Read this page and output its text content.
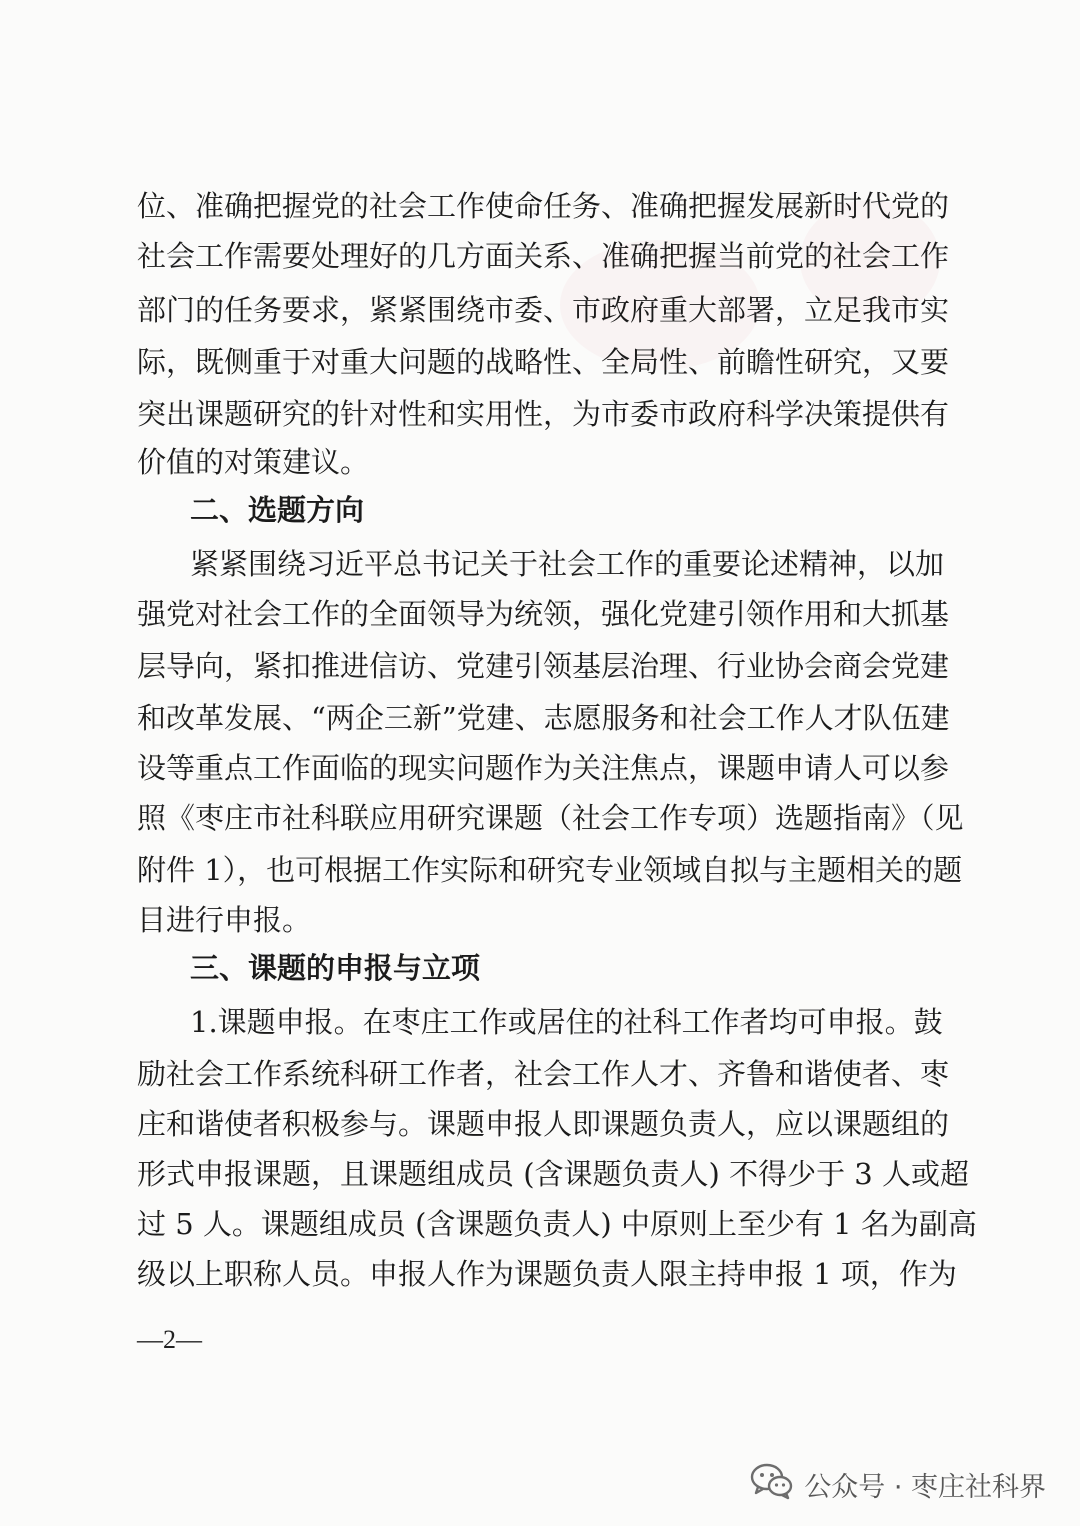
位、准确把握党的社会工作使命任务、准确把握发展新时代党的
社会工作需要处理好的几方面关系、准确把握当前党的社会工作
部门的任务要求，紧紧围绕市委、市政府重大部署，立足我市实
际，既侧重于对重大问题的战略性、全局性、前瞻性研究，又要
突出课题研究的针对性和实用性，为市委市政府科学决策提供有
价值的对策建议。
二、选题方向
紧紧围绕习近平总书记关于社会工作的重要论述精神，以加
强党对社会工作的全面领导为统领，强化党建引领作用和大抓基
层导向，紧扣推进信访、党建引领基层治理、行业协会商会党建
和改革发展、“两企三新”党建、志愿服务和社会工作人才队伍建
设等重点工作面临的现实问题作为关注焦点，课题申请人可以参
照《枣庄市社科联应用研究课题（社会工作专项）选题指南》（见
附件 1），也可根据工作实际和研究专业领域自拟与主题相关的题
目进行申报。
三、课题的申报与立项
1.课题申报。在枣庄工作或居住的社科工作者均可申报。鼓
励社会工作系统科研工作者，社会工作人才、齐鲁和谐使者、枣
庄和谐使者积极参与。课题申报人即课题负责人，应以课题组的
形式申报课题，且课题组成员 (含课题负责人) 不得少于 3 人或超
过 5 人。课题组成员 (含课题负责人) 中原则上至少有 1 名为副高
级以上职称人员。申报人作为课题负责人限主持申报 1 项，作为
—2—
公众号 · 枣庄社科界
